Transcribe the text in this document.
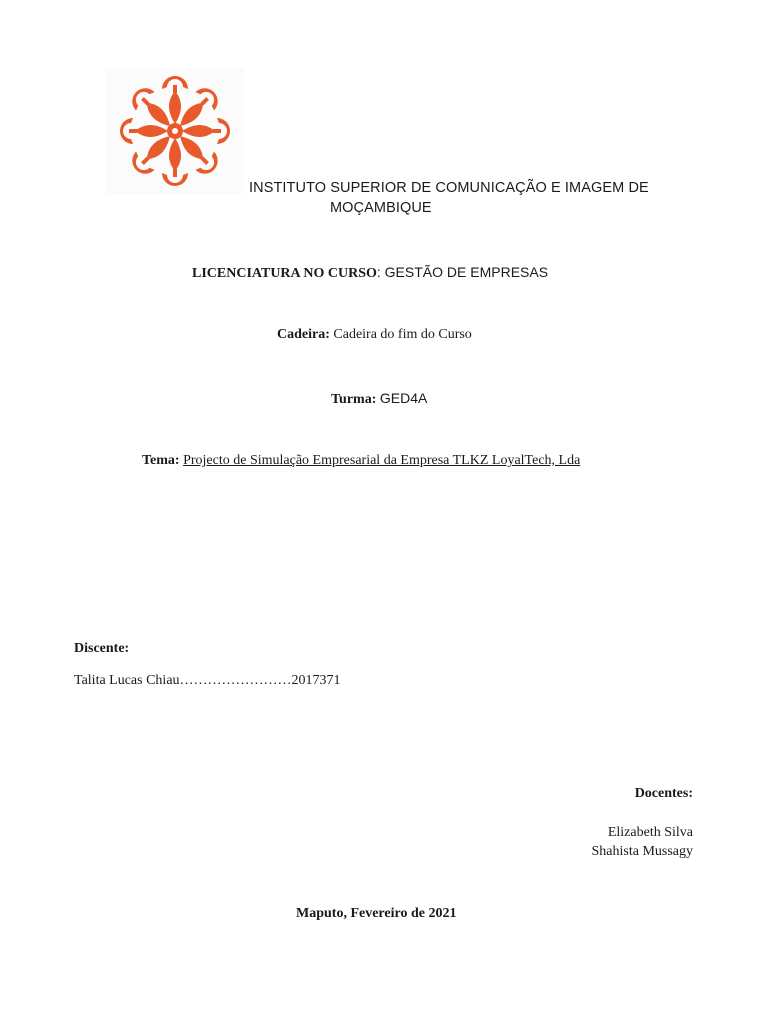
INSTITUTO SUPERIOR DE COMUNICAÇÃO E IMAGEM DE
MOÇAMBIQUE
LICENCIATURA NO CURSO: GESTÃO DE EMPRESAS
Cadeira: Cadeira do fim do Curso
Turma: GED4A
Tema: Projecto de Simulação Empresarial da Empresa TLKZ LoyalTech, Lda
Discente:
Talita Lucas Chiau……………………2017371
Docentes:
Elizabeth Silva
Shahista Mussagy
Maputo, Fevereiro de 2021
